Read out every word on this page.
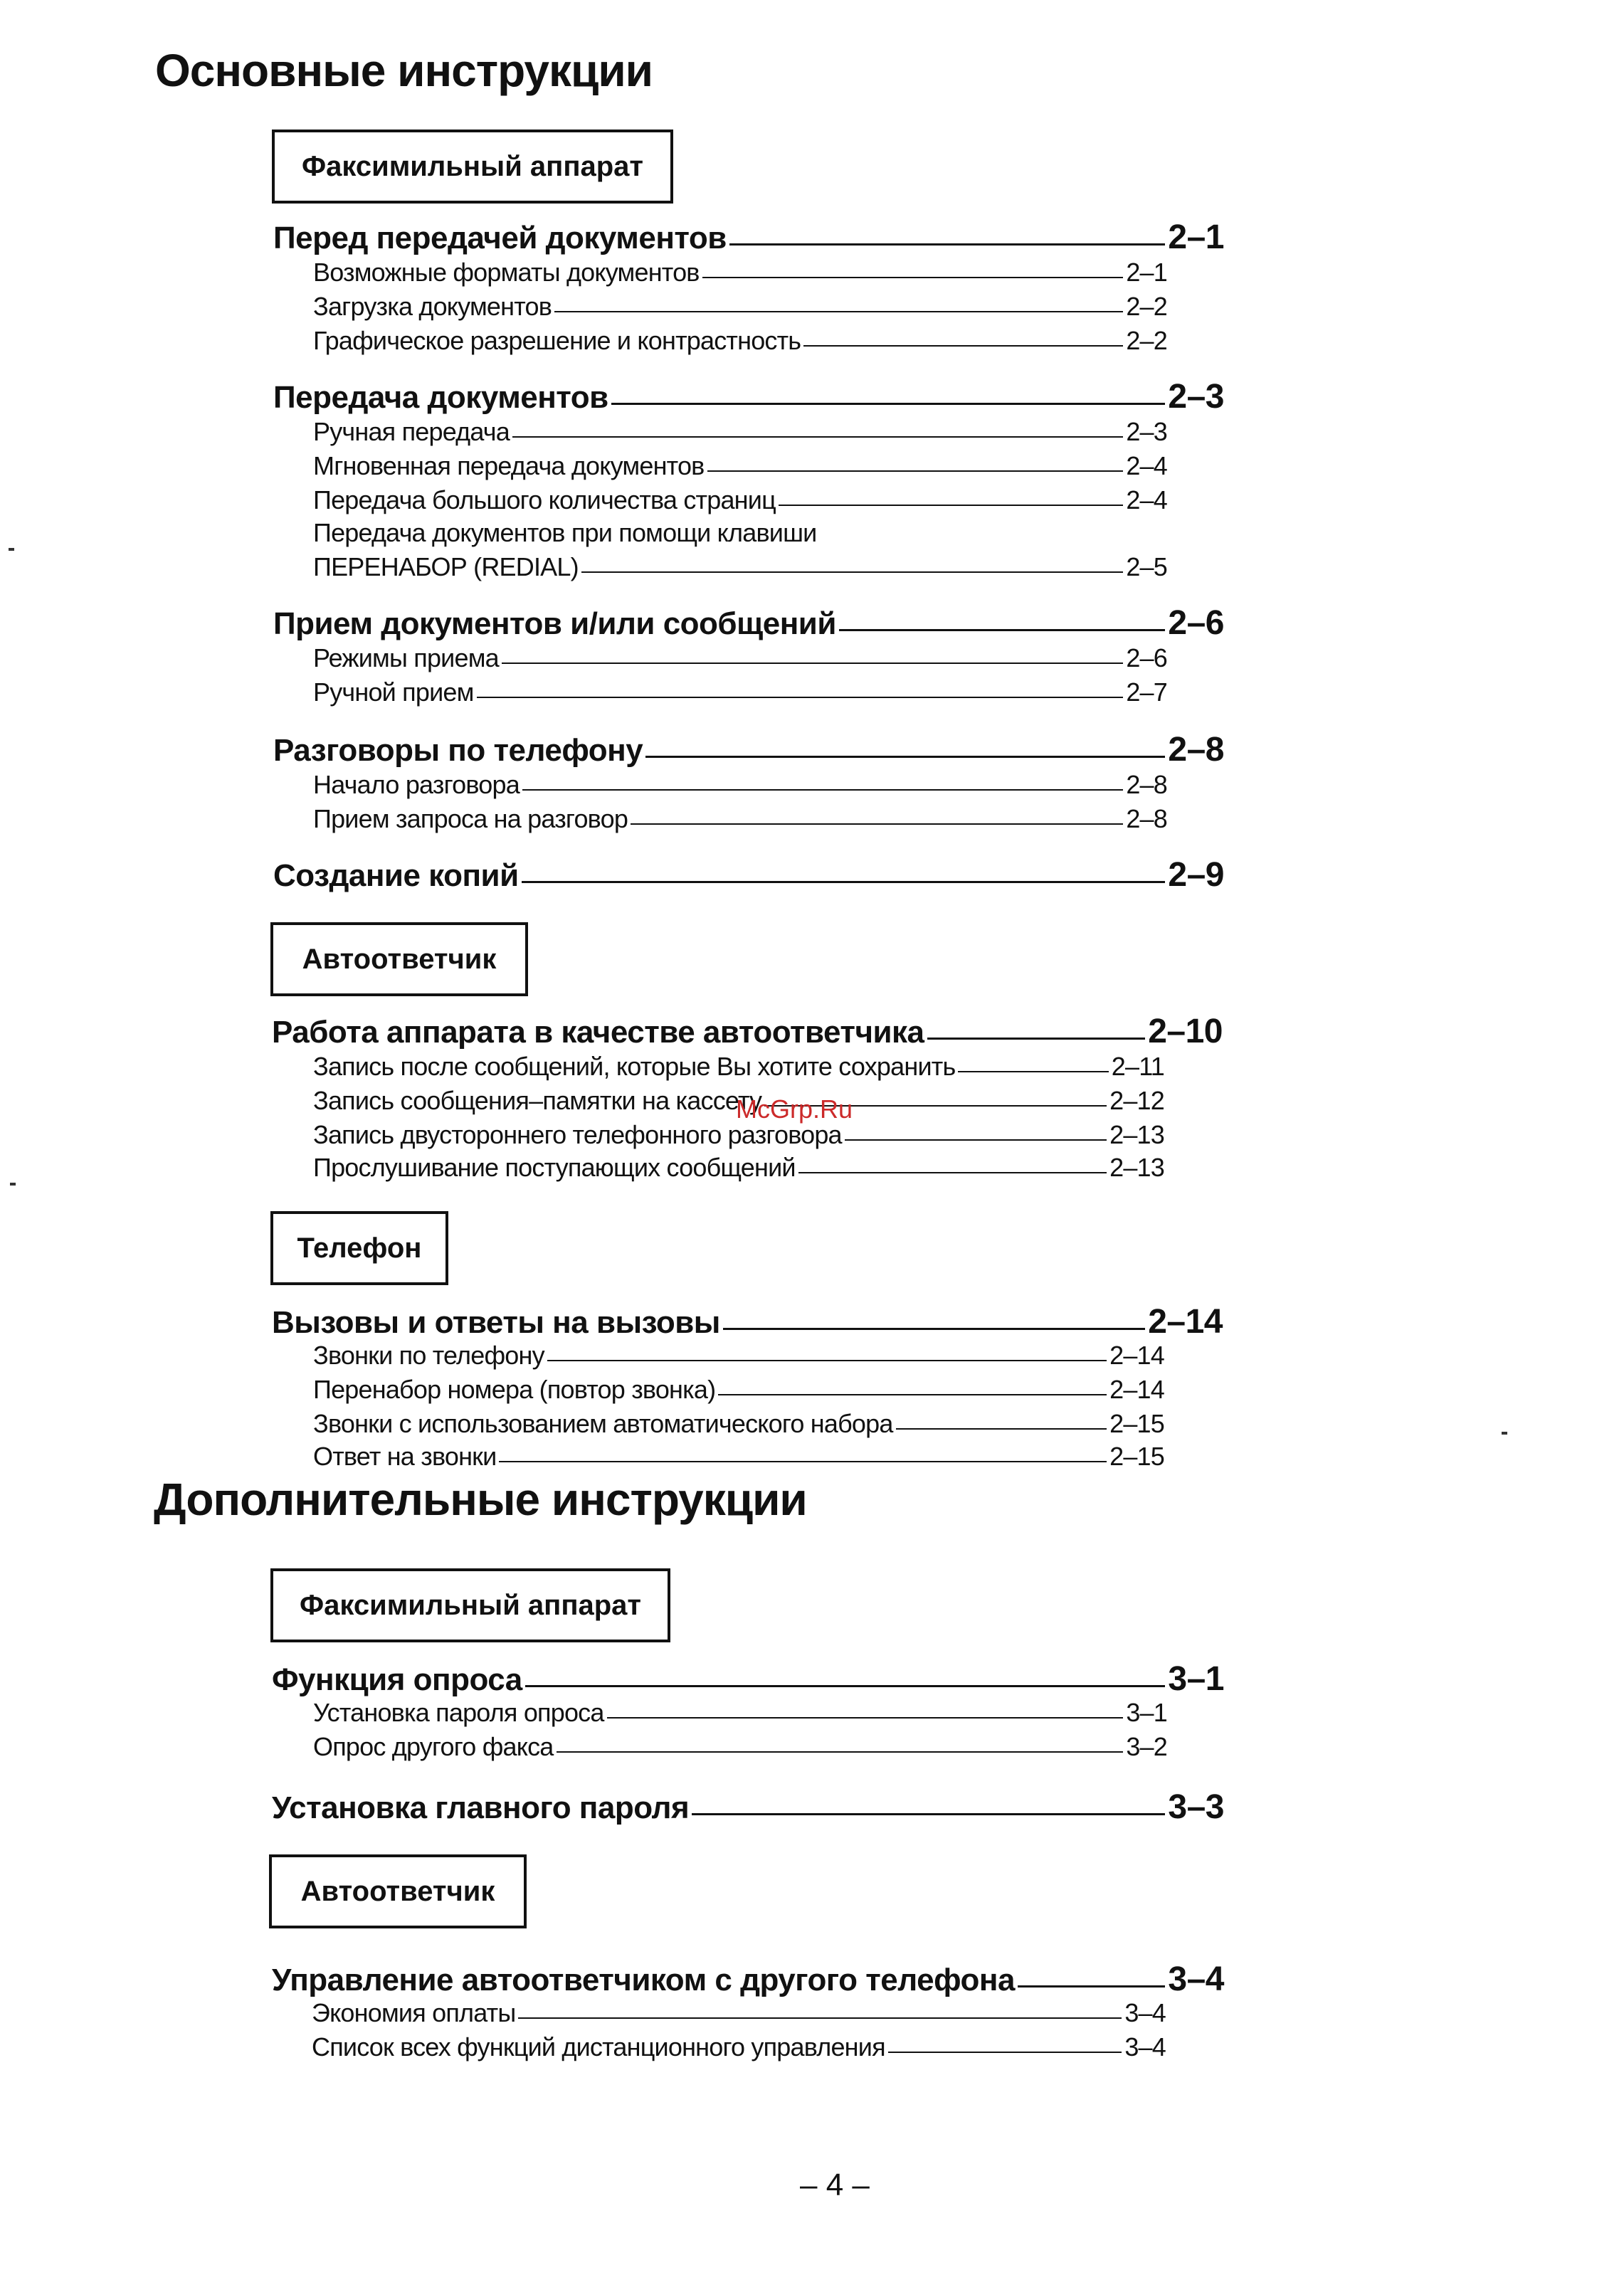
Основные инструкции
Факсимильный аппарат
Перед передачей документов	2–1
Возможные форматы документов	2–1
Загрузка документов	2–2
Графическое разрешение и контрастность	2–2
Передача документов	2–3
Ручная передача	2–3
Мгновенная передача документов	2–4
Передача большого количества страниц	2–4
Передача документов при помощи клавиши
ПЕРЕНАБОР (REDIAL)	2–5
Прием документов и/или сообщений	2–6
Режимы приема	2–6
Ручной прием	2–7
Разговоры по телефону	2–8
Начало разговора	2–8
Прием запроса на разговор	2–8
Создание копий	2–9
Автоответчик
Работа аппарата в качестве автоответчика	2–10
Запись после сообщений, которые Вы хотите сохранить	2–11
Запись сообщения–памятки на кассету	2–12
Запись двустороннего телефонного разговора	2–13
Прослушивание поступающих сообщений	2–13
McGrp.Ru
Телефон
Вызовы и ответы на вызовы	2–14
Звонки по телефону	2–14
Перенабор номера (повтор звонка)	2–14
Звонки с использованием автоматического набора	2–15
Ответ на звонки	2–15
Дополнительные инструкции
Факсимильный аппарат
Функция опроса	3–1
Установка пароля опроса	3–1
Опрос другого факса	3–2
Установка главного пароля	3–3
Автоответчик
Управление автоответчиком с другого телефона	3–4
Экономия оплаты	3–4
Список всех функций дистанционного управления	3–4
– 4 –
